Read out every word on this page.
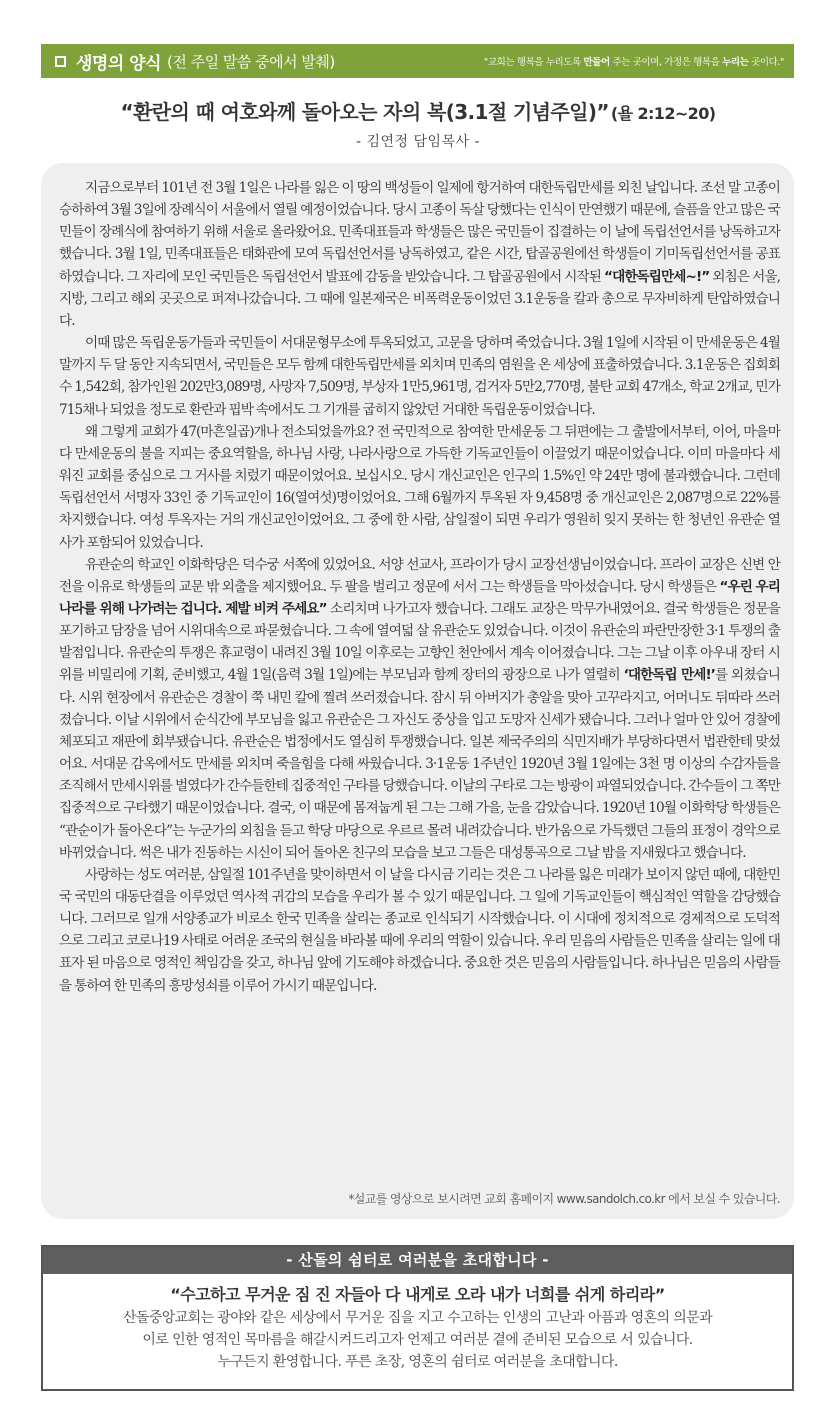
생명의 양식 (전 주일 말씀 중에서 발췌)	"교회는 행복을 누리도록 만들어 주는 곳이며, 가정은 행복을 누리는 곳이다."
“환란의 때 여호와께 돌아오는 자의 복(3.1절 기념주일)” (욜 2:12~20)
- 김연정 담임목사 -

지금으로부터 101년 전 3월 1일은 나라를 잃은 이 땅의 백성들이 일제에 항거하여 대한독립만세를 외친 날입니다. 조선 말 고종이 승하하여 3월 3일에 장례식이 서울에서 열릴 예정이었습니다. 당시 고종이 독살 당했다는 인식이 만연했기 때문에, 슬픔을 안고 많은 국민들이 장례식에 참여하기 위해 서울로 올라왔어요. 민족대표들과 학생들은 많은 국민들이 집결하는 이 날에 독립선언서를 낭독하고자 했습니다. 3월 1일, 민족대표들은 태화관에 모여 독립선언서를 낭독하였고, 같은 시간, 탑골공원에선 학생들이 기미독립선언서를 공표하였습니다. 그 자리에 모인 국민들은 독립선언서 발표에 감동을 받았습니다. 그 탑골공원에서 시작된 “대한독립만세~!” 외침은 서울, 지방, 그리고 해외 곳곳으로 퍼져나갔습니다. 그 때에 일본제국은 비폭력운동이었던 3.1운동을 칼과 총으로 무자비하게 탄압하였습니다.

이때 많은 독립운동가들과 국민들이 서대문형무소에 투옥되었고, 고문을 당하며 죽었습니다. 3월 1일에 시작된 이 만세운동은 4월 말까지 두 달 동안 지속되면서, 국민들은 모두 함께 대한독립만세를 외치며 민족의 염원을 온 세상에 표출하였습니다. 3.1운동은 집회회수 1,542회, 참가인원 202만3,089명, 사망자 7,509명, 부상자 1만5,961명, 검거자 5만2,770명, 불탄 교회 47개소, 학교 2개교, 민가 715채나 되었을 정도로 환란과 핍박 속에서도 그 기개를 굽히지 않았던 거대한 독립운동이었습니다.

왜 그렇게 교회가 47(마흔일곱)개나 전소되었을까요? 전 국민적으로 참여한 만세운동 그 뒤편에는 그 출발에서부터, 이어, 마을마다 만세운동의 불을 지피는 중요역할을, 하나님 사랑, 나라사랑으로 가득한 기독교인들이 이끌었기 때문이었습니다. 이미 마을마다 세워진 교회를 중심으로 그 거사를 치렀기 때문이었어요. 보십시오. 당시 개신교인은 인구의 1.5%인 약 24만 명에 불과했습니다. 그런데 독립선언서 서명자 33인 중 기독교인이 16(열여섯)명이었어요. 그해 6월까지 투옥된 자 9,458명 중 개신교인은 2,087명으로 22%를 차지했습니다. 여성 투옥자는 거의 개신교인이었어요. 그 중에 한 사람, 삼일절이 되면 우리가 영원히 잊지 못하는 한 청년인 유관순 열사가 포함되어 있었습니다.

유관순의 학교인 이화학당은 덕수궁 서쪽에 있었어요. 서양 선교사, 프라이가 당시 교장선생님이었습니다. 프라이 교장은 신변 안전을 이유로 학생들의 교문 밖 외출을 제지했어요. 두 팔을 벌리고 정문에 서서 그는 학생들을 막아섰습니다. 당시 학생들은 “우린 우리나라를 위해 나가려는 겁니다. 제발 비켜 주세요” 소리치며 나가고자 했습니다. 그래도 교장은 막무가내였어요. 결국 학생들은 정문을 포기하고 담장을 넘어 시위대속으로 파묻혔습니다. 그 속에 열여덟 살 유관순도 있었습니다. 이것이 유관순의 파란만장한 3·1 투쟁의 출발점입니다. 유관순의 투쟁은 휴교령이 내려진 3월 10일 이후로는 고향인 천안에서 계속 이어졌습니다. 그는 그날 이후 아우내 장터 시위를 비밀리에 기획, 준비했고, 4월 1일(음력 3월 1일)에는 부모님과 함께 장터의 광장으로 나가 열렬히 ‘대한독립 만세!’를 외쳤습니다. 시위 현장에서 유관순은 경찰이 쭉 내민 칼에 찔려 쓰러졌습니다. 잠시 뒤 아버지가 총알을 맞아 고꾸라지고, 어머니도 뒤따라 쓰러졌습니다. 이날 시위에서 순식간에 부모님을 잃고 유관순은 그 자신도 중상을 입고 도망자 신세가 됐습니다. 그러나 얼마 안 있어 경찰에 체포되고 재판에 회부됐습니다. 유관순은 법정에서도 열심히 투쟁했습니다. 일본 제국주의의 식민지배가 부당하다면서 법관한테 맞섰어요. 서대문 감옥에서도 만세를 외치며 죽을힘을 다해 싸웠습니다. 3·1운동 1주년인 1920년 3월 1일에는 3천 명 이상의 수감자들을 조직해서 만세시위를 벌였다가 간수들한테 집중적인 구타를 당했습니다. 이날의 구타로 그는 방광이 파열되었습니다. 간수들이 그 쪽만 집중적으로 구타했기 때문이었습니다. 결국, 이 때문에 몸져눕게 된 그는 그해 가을, 눈을 감았습니다. 1920년 10월 이화학당 학생들은 “관순이가 돌아온다”는 누군가의 외침을 듣고 학당 마당으로 우르르 몰려 내려갔습니다. 반가움으로 가득했던 그들의 표정이 경악으로 바뀌었습니다. 썩은 내가 진동하는 시신이 되어 돌아온 친구의 모습을 보고 그들은 대성통곡으로 그날 밤을 지새웠다고 했습니다.

사랑하는 성도 여러분, 삼일절 101주년을 맞이하면서 이 날을 다시금 기리는 것은 그 나라를 잃은 미래가 보이지 않던 때에, 대한민국 국민의 대동단결을 이루었던 역사적 귀감의 모습을 우리가 볼 수 있기 때문입니다. 그 일에 기독교인들이 핵심적인 역할을 감당했습니다. 그러므로 일개 서양종교가 비로소 한국 민족을 살리는 종교로 인식되기 시작했습니다. 이 시대에 정치적으로 경제적으로 도덕적으로 그리고 코로나19 사태로 어려운 조국의 현실을 바라볼 때에 우리의 역할이 있습니다. 우리 믿음의 사람들은 민족을 살리는 일에 대표자 된 마음으로 영적인 책임감을 갖고, 하나님 앞에 기도해야 하겠습니다. 중요한 것은 믿음의 사람들입니다. 하나님은 믿음의 사람들을 통하여 한 민족의 흥망성쇠를 이루어 가시기 때문입니다.

*설교를 영상으로 보시려면 교회 홈페이지 www.sandolch.co.kr 에서 보실 수 있습니다.
- 산돌의 쉼터로 여러분을 초대합니다 -
“수고하고 무거운 짐 진 자들아 다 내게로 오라 내가 너희를 쉬게 하리라”
산돌중앙교회는 광야와 같은 세상에서 무거운 짐을 지고 수고하는 인생의 고난과 아픔과 영혼의 의문과
이로 인한 영적인 목마름을 해갈시켜드리고자 언제고 여러분 곁에 준비된 모습으로 서 있습니다.
누구든지 환영합니다. 푸른 초장, 영혼의 쉼터로 여러분을 초대합니다.
